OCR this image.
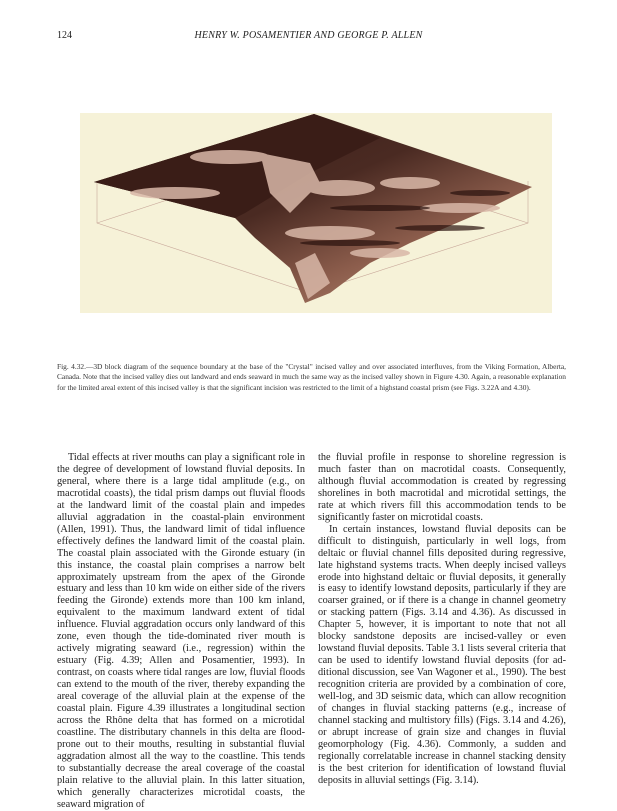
124	HENRY W. POSAMENTIER AND GEORGE P. ALLEN
Fig. 4.32.—3D block diagram of the sequence boundary at the base of the "Crystal" incised valley and over associated interfluves, from the Viking Formation, Alberta, Canada. Note that the incised valley dies out landward and ends seaward in much the same way as the incised valley shown in Figure 4.30. Again, a reasonable explanation for the limited areal extent of this incised valley is that the significant incision was restricted to the limit of a highstand coastal prism (see Figs. 3.22A and 4.30).

Tidal effects at river mouths can play a significant role in the degree of development of lowstand fluvial deposits. In general, where there is a large tidal amplitude (e.g., on macrotidal coasts), the tidal prism damps out fluvial floods at the landward limit of the coastal plain and impedes alluvial aggradation in the coastal-plain environment (Allen, 1991). Thus, the landward limit of tidal influence effectively defines the landward limit of the coastal plain. The coastal plain associated with the Gironde estuary (in this instance, the coastal plain comprises a narrow belt approximately upstream from the apex of the Gironde estuary and less than 10 km wide on either side of the rivers feeding the Gironde) extends more than 100 km inland, equivalent to the maximum landward extent of tidal influence. Fluvial aggradation occurs only landward of this zone, even though the tide-dominated river mouth is actively migrating seaward (i.e., regression) within the estuary (Fig. 4.39; Allen and Posamentier, 1993). In contrast, on coasts where tidal ranges are low, fluvial floods can extend to the mouth of the river, thereby expanding the areal coverage of the alluvial plain at the expense of the coastal plain. Figure 4.39 illustrates a longitudinal section across the Rhône delta that has formed on a microtidal coastline. The distributary channels in this delta are flood-prone out to their mouths, resulting in substantial fluvial aggradation almost all the way to the coastline. This tends to substantially decrease the areal coverage of the coastal plain relative to the alluvial plain. In this latter situation, which generally characterizes microtidal coasts, the seaward migration of

the fluvial profile in response to shoreline regression is much faster than on macrotidal coasts. Consequently, although fluvial accommodation is created by regressing shorelines in both macrotidal and microtidal settings, the rate at which rivers fill this accommodation tends to be significantly faster on microtidal coasts.

In certain instances, lowstand fluvial deposits can be difficult to distinguish, particularly in well logs, from deltaic or fluvial channel fills deposited during regressive, late highstand systems tracts. When deeply incised valleys erode into highstand deltaic or fluvial deposits, it generally is easy to identify lowstand deposits, particularly if they are coarser grained, or if there is a change in channel geometry or stacking pattern (Figs. 3.14 and 4.36). As discussed in Chapter 5, however, it is important to note that not all blocky sandstone deposits are incised-valley or even lowstand fluvial deposits. Table 3.1 lists several criteria that can be used to identify lowstand fluvial deposits (for additional discussion, see Van Wagoner et al., 1990). The best recognition criteria are provided by a combination of core, well-log, and 3D seismic data, which can allow recognition of changes in fluvial stacking patterns (e.g., increase of channel stacking and multistory fills) (Figs. 3.14 and 4.26), or abrupt increase of grain size and changes in fluvial geomorphology (Fig. 4.36). Commonly, a sudden and regionally correlatable increase in channel stacking density is the best criterion for identification of lowstand fluvial deposits in alluvial settings (Fig. 3.14).
